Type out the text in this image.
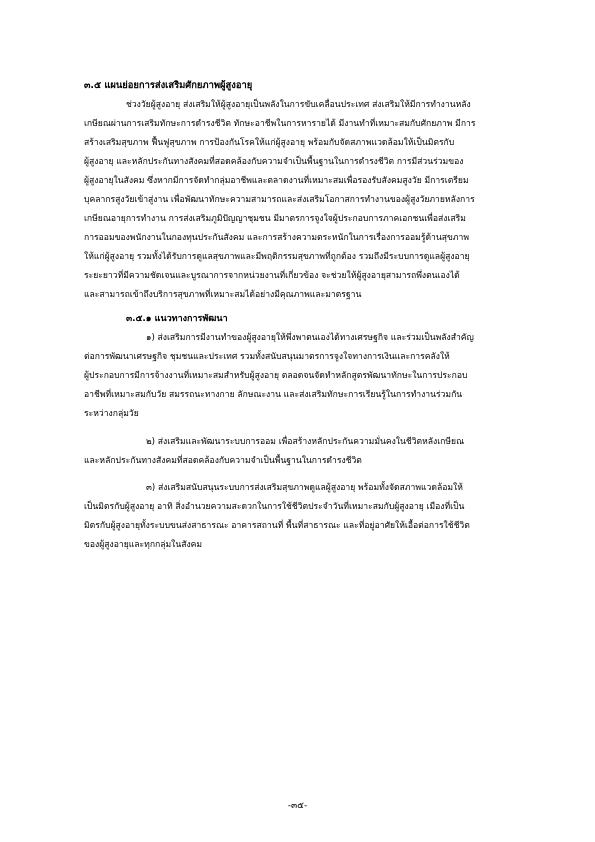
๓.๕ แผนย่อยการส่งเสริมศักยภาพผู้สูงอายุ
ช่วงวัยผู้สูงอายุ ส่งเสริมให้ผู้สูงอายุเป็นพลังในการขับเคลื่อนประเทศ ส่งเสริมให้มีการทำงานหลัง
เกษียณผ่านการเสริมทักษะการดำรงชีวิต ทักษะอาชีพในการหารายได้ มีงานทำที่เหมาะสมกับศักยภาพ มีการ
สร้างเสริมสุขภาพ ฟื้นฟูสุขภาพ การป้องกันโรคให้แก่ผู้สูงอายุ พร้อมกับจัดสภาพแวดล้อมให้เป็นมิตรกับ
ผู้สูงอายุ และหลักประกันทางสังคมที่สอดคล้องกับความจำเป็นพื้นฐานในการดำรงชีวิต การมีส่วนร่วมของ
ผู้สูงอายุในสังคม ซึ่งหากมีการจัดทำกลุ่มอาชีพและตลาดงานที่เหมาะสมเพื่อรองรับสังคมสูงวัย มีการเตรียม
บุคลากรสูงวัยเข้าสู่งาน เพื่อพัฒนาทักษะความสามารถและส่งเสริมโอกาสการทำงานของผู้สูงวัยภายหลังการ
เกษียณอายุการทำงาน การส่งเสริมภูมิปัญญาชุมชน มีมาตรการจูงใจผู้ประกอบการภาคเอกชนเพื่อส่งเสริม
การออมของพนักงานในกองทุนประกันสังคม และการสร้างความตระหนักในการเรื่องการออมรู้ด้านสุขภาพ
ให้แก่ผู้สูงอายุ รวมทั้งได้รับการดูแลสุขภาพและมีพฤติกรรมสุขภาพที่ถูกต้อง รวมถึงมีระบบการดูแลผู้สูงอายุ
ระยะยาวที่มีความชัดเจนและบูรณาการจากหน่วยงานที่เกี่ยวข้อง จะช่วยให้ผู้สูงอายุสามารถพึ่งตนเองได้
และสามารถเข้าถึงบริการสุขภาพที่เหมาะสมได้อย่างมีคุณภาพและมาตรฐาน
๓.๕.๑ แนวทางการพัฒนา
๑) ส่งเสริมการมีงานทำของผู้สูงอายุให้พึ่งพาตนเองได้ทางเศรษฐกิจ และร่วมเป็นพลังสำคัญ
ต่อการพัฒนาเศรษฐกิจ ชุมชนและประเทศ รวมทั้งสนับสนุนมาตรการจูงใจทางการเงินและการคลังให้
ผู้ประกอบการมีการจ้างงานที่เหมาะสมสำหรับผู้สูงอายุ ตลอดจนจัดทำหลักสูตรพัฒนาทักษะในการประกอบ
อาชีพที่เหมาะสมกับวัย สมรรถนะทางกาย ลักษณะงาน และส่งเสริมทักษะการเรียนรู้ในการทำงานร่วมกัน
ระหว่างกลุ่มวัย
๒) ส่งเสริมและพัฒนาระบบการออม เพื่อสร้างหลักประกันความมั่นคงในชีวิตหลังเกษียณ
และหลักประกันทางสังคมที่สอดคล้องกับความจำเป็นพื้นฐานในการดำรงชีวิต
๓) ส่งเสริมสนับสนุนระบบการส่งเสริมสุขภาพดูแลผู้สูงอายุ พร้อมทั้งจัดสภาพแวดล้อมให้
เป็นมิตรกับผู้สูงอายุ อาทิ สิ่งอำนวยความสะดวกในการใช้ชีวิตประจำวันที่เหมาะสมกับผู้สูงอายุ เมืองที่เป็น
มิตรกับผู้สูงอายุทั้งระบบขนส่งสาธารณะ อาคารสถานที่ พื้นที่สาธารณะ และที่อยู่อาศัยให้เอื้อต่อการใช้ชีวิต
ของผู้สูงอายุและทุกกลุ่มในสังคม
-๓๕-
